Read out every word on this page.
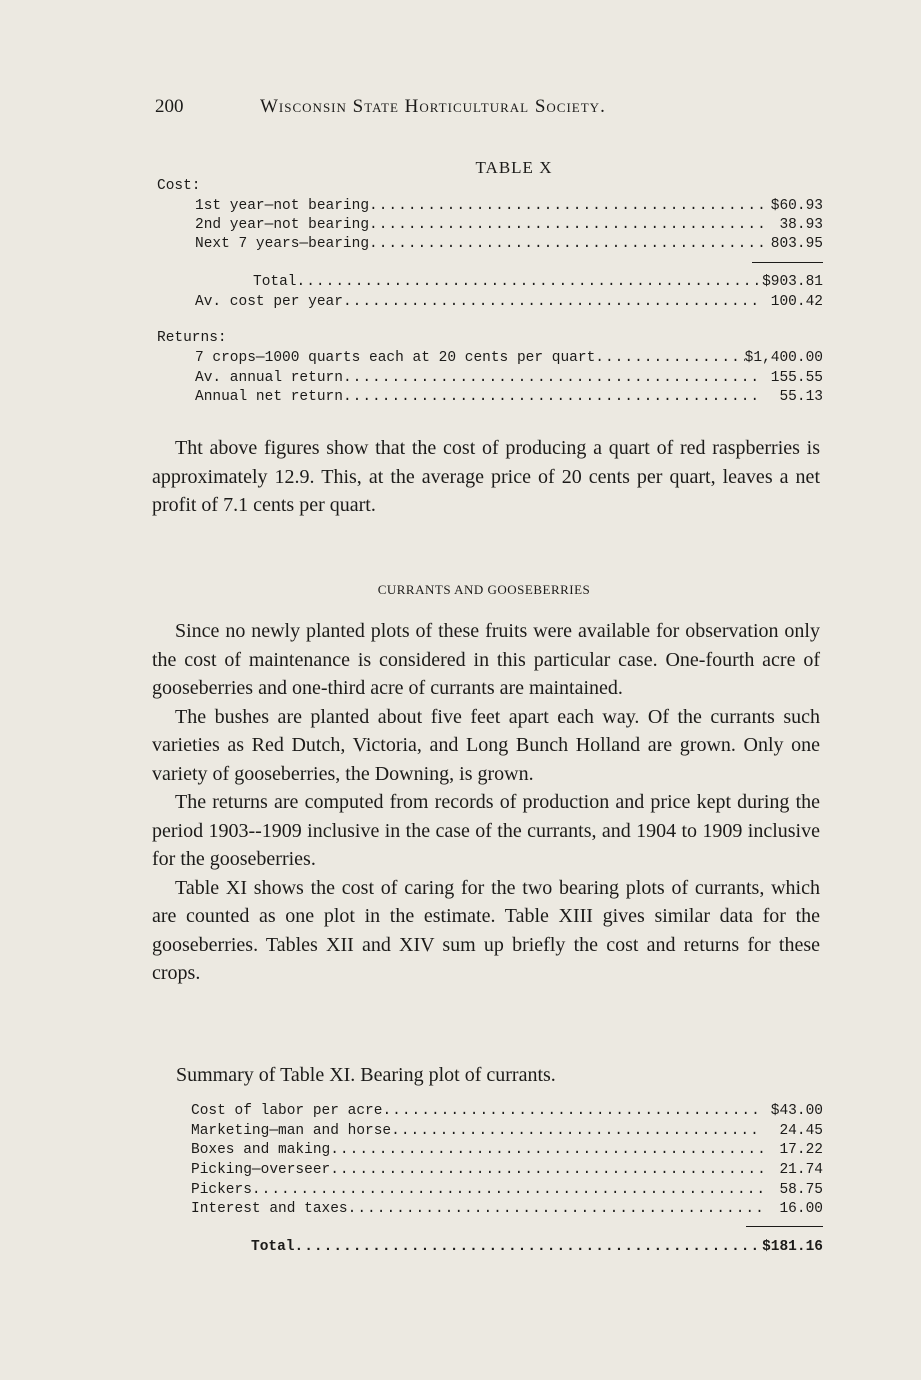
200	Wisconsin State Horticultural Society.
TABLE X
Cost:
1st year—not bearing .....	$60.93
2nd year—not bearing .....	38.93
Next 7 years—bearing .....	803.95
Total .....	$903.81
Av. cost per year .....	100.42
Returns:
7 crops—1000 quarts each at 20 cents per quart .....	$1,400.00
Av. annual return .....	155.55
Annual net return .....	55.13

Tht above figures show that the cost of producing a quart of red raspberries is approximately 12.9. This, at the average price of 20 cents per quart, leaves a net profit of 7.1 cents per quart.

CURRANTS AND GOOSEBERRIES

Since no newly planted plots of these fruits were available for observation only the cost of maintenance is considered in this particular case. One-fourth acre of gooseberries and one-third acre of currants are maintained.

The bushes are planted about five feet apart each way. Of the currants such varieties as Red Dutch, Victoria, and Long Bunch Holland are grown. Only one variety of gooseberries, the Downing, is grown.

The returns are computed from records of production and price kept during the period 1903--1909 inclusive in the case of the currants, and 1904 to 1909 inclusive for the gooseberries.

Table XI shows the cost of caring for the two bearing plots of currants, which are counted as one plot in the estimate. Table XIII gives similar data for the gooseberries. Tables XII and XIV sum up briefly the cost and returns for these crops.

Summary of Table XI. Bearing plot of currants.
Cost of labor per acre .....	$43.00
Marketing—man and horse .....	24.45
Boxes and making .....	17.22
Picking—overseer .....	21.74
Pickers .....	58.75
Interest and taxes .....	16.00
Total .....	$181.16
